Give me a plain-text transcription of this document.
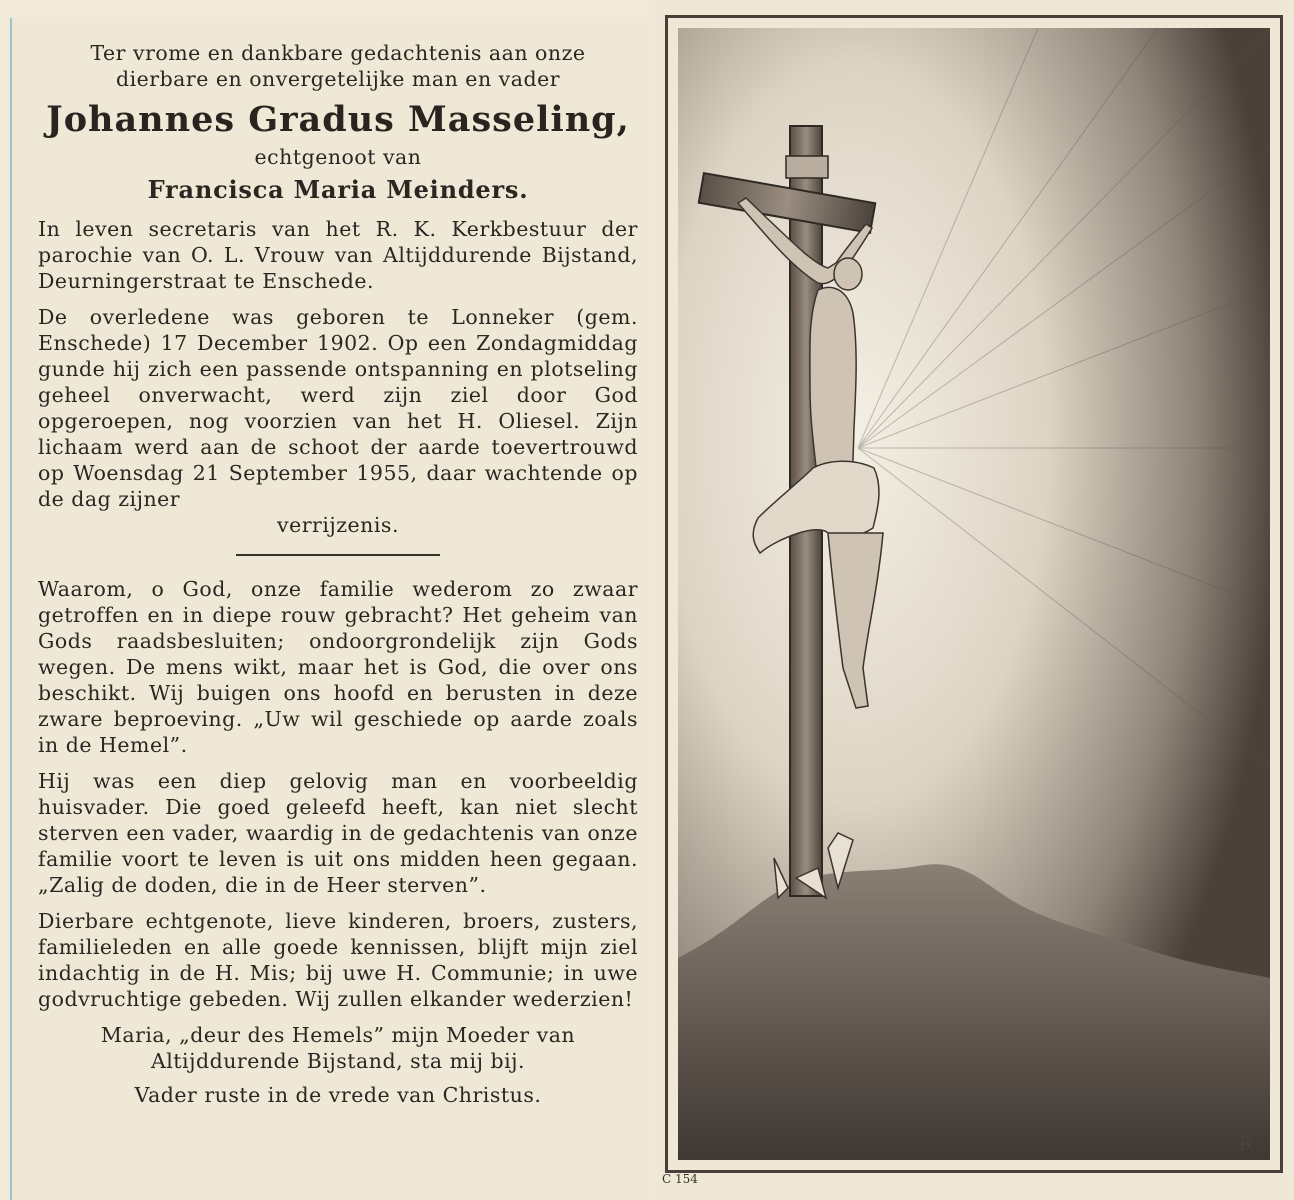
Ter vrome en dankbare gedachtenis aan onze
dierbare en onvergetelijke man en vader
Johannes Gradus Masseling,
echtgenoot van
Francisca Maria Meinders.

In leven secretaris van het R. K. Kerkbestuur der parochie van O. L. Vrouw van Altijddurende Bijstand, Deurningerstraat te Enschede.

De overledene was geboren te Lonneker (gem. Enschede) 17 December 1902. Op een Zondagmiddag gunde hij zich een passende ontspanning en plotseling geheel onverwacht, werd zijn ziel door God opgeroepen, nog voorzien van het H. Oliesel. Zijn lichaam werd aan de schoot der aarde toevertrouwd op Woensdag 21 September 1955, daar wachtende op de dag zijner

verrijzenis.

Waarom, o God, onze familie wederom zo zwaar getroffen en in diepe rouw gebracht? Het geheim van Gods raadsbesluiten; ondoorgrondelijk zijn Gods wegen. De mens wikt, maar het is God, die over ons beschikt. Wij buigen ons hoofd en berusten in deze zware beproeving. „Uw wil geschiede op aarde zoals in de Hemel”.

Hij was een diep gelovig man en voorbeeldig huisvader. Die goed geleefd heeft, kan niet slecht sterven een vader, waardig in de gedachtenis van onze familie voort te leven is uit ons midden heen gegaan. „Zalig de doden, die in de Heer sterven”.

Dierbare echtgenote, lieve kinderen, broers, zusters, familieleden en alle goede kennissen, blijft mijn ziel indachtig in de H. Mis; bij uwe H. Communie; in uwe godvruchtige gebeden. Wij zullen elkander wederzien!

Maria, „deur des Hemels” mijn Moeder van
Altijddurende Bijstand, sta mij bij.
Vader ruste in de vrede van Christus.
R
C 154
